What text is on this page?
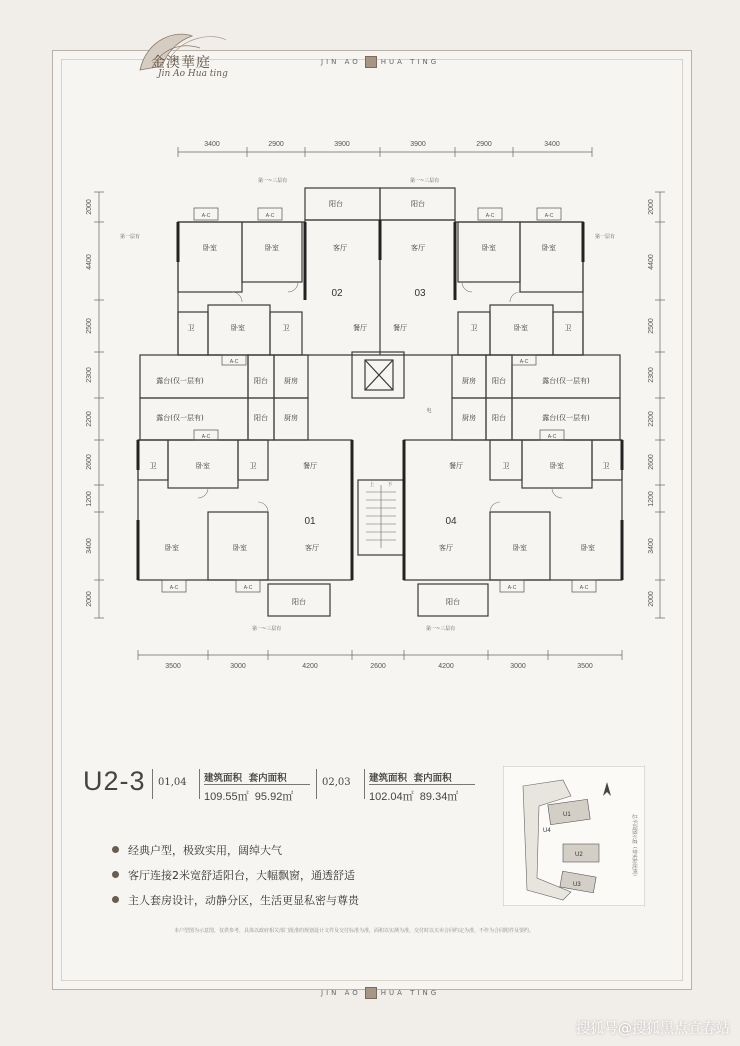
金澳華庭
Jin Ao Hua ting
JIN AO	HUA TING
3400	2900	3900	3900	2900	3400
3500	3000	4200	2600	4200	3000	3500
2000
4400
2500
2300
2200
2600
1200
3400
2000
2000
4400
2500
2300
2200
2600
1200
3400
2000
A-C	A-C	A-C	A-C
A-C	A-C
A-C	A-C
A-C	A-C	A-C	A-C
第一~三层有	第一~三层有
第一层有	第一层有
第一~三层有	第一~三层有
阳台	阳台
卧室	卧室	客厅	客厅	卧室	卧室
卫	卧室	卫	餐厅	餐厅	卫	卧室	卫
露台(仅一层有)	阳台 厨房	厨房 阳台	露台(仅一层有)
露台(仅一层有)	阳台 厨房	厨房 阳台	露台(仅一层有)
卫	卧室	卫	餐厅	餐厅	卫	卧室	卫
卧室	卧室	客厅	客厅	卧室	卧室
阳台	阳台
02	03
01	04
电
上	下
U2-3 01,04 建筑面积 套内面积
109.55㎡ 95.92㎡
02,03 建筑面积 套内面积
102.04㎡ 89.34㎡
经典户型，极致实用，阔绰大气
客厅连接2米宽舒适阳台，大幅飘窗，通透舒适
主人套房设计，动静分区，生活更显私密与尊贵
本户型图为示意图，仅供参考，具体以政府相关部门批准的规划设计文件及交付标准为准，面积以实测为准，交付时以买卖合同约定为准，不作为合同附件及要约。
U1
U2
U3
U4	总平面图示意（非实际比例）
JIN AO	HUA TING
搜狐号@搜狐黑点宜春站
